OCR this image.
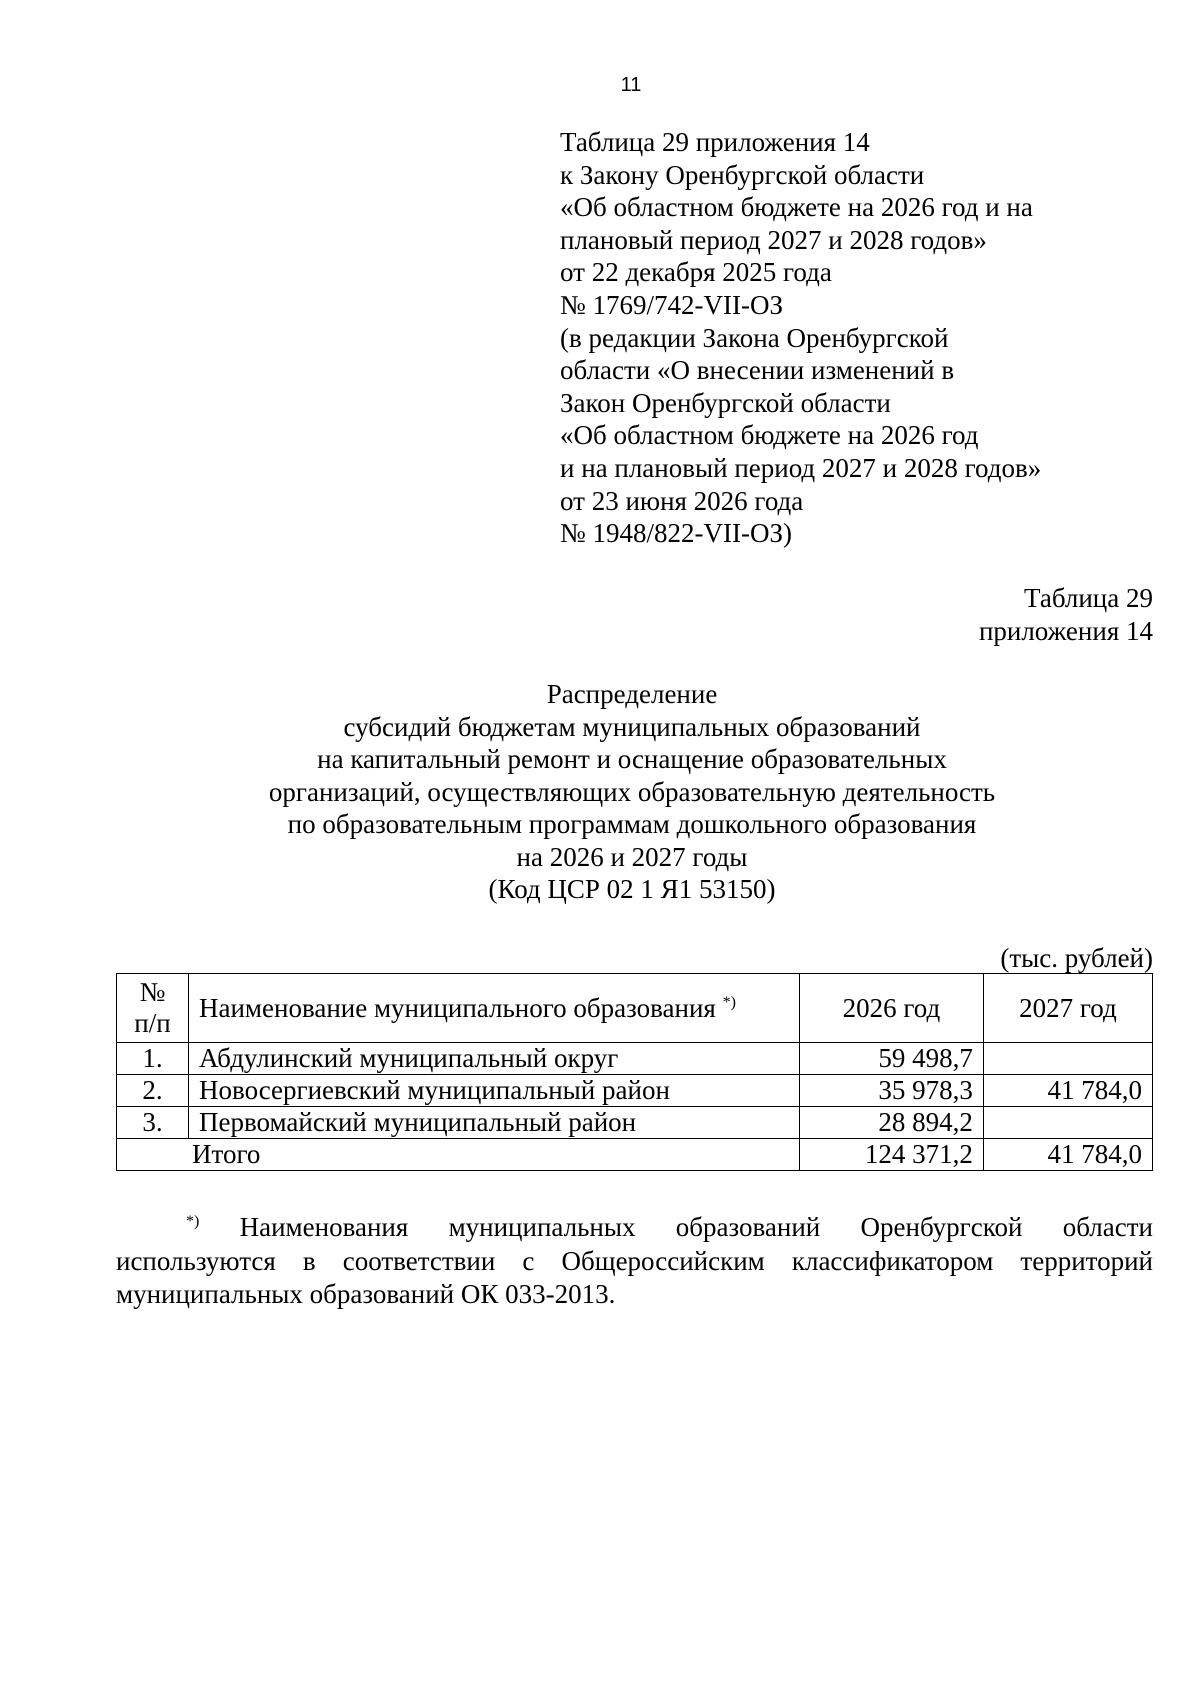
11
Таблица 29 приложения 14
к Закону Оренбургской области
«Об областном бюджете на 2026 год и на
плановый период 2027 и 2028 годов»
от 22 декабря 2025 года
№ 1769/742-VII-ОЗ
(в редакции Закона Оренбургской
области «О внесении изменений в
Закон Оренбургской области
«Об областном бюджете на 2026 год
и на плановый период 2027 и 2028 годов»
от 23 июня 2026 года
№ 1948/822-VII-ОЗ)
Таблица 29
приложения 14
Распределение
субсидий бюджетам муниципальных образований
на капитальный ремонт и оснащение образовательных
организаций, осуществляющих образовательную деятельность
по образовательным программам дошкольного образования
на 2026 и 2027 годы
(Код ЦСР 02 1 Я1 53150)
(тыс. рублей)
№
п/п	Наименование муниципального образования *)	2026 год	2027 год
1.	Абдулинский муниципальный округ	59 498,7	
2.	Новосергиевский муниципальный район	35 978,3	41 784,0
3.	Первомайский муниципальный район	28 894,2	
Итого		124 371,2	41 784,0
*) Наименования муниципальных образований Оренбургской области
используются в соответствии с Общероссийским классификатором территорий
муниципальных образований ОК 033-2013.
